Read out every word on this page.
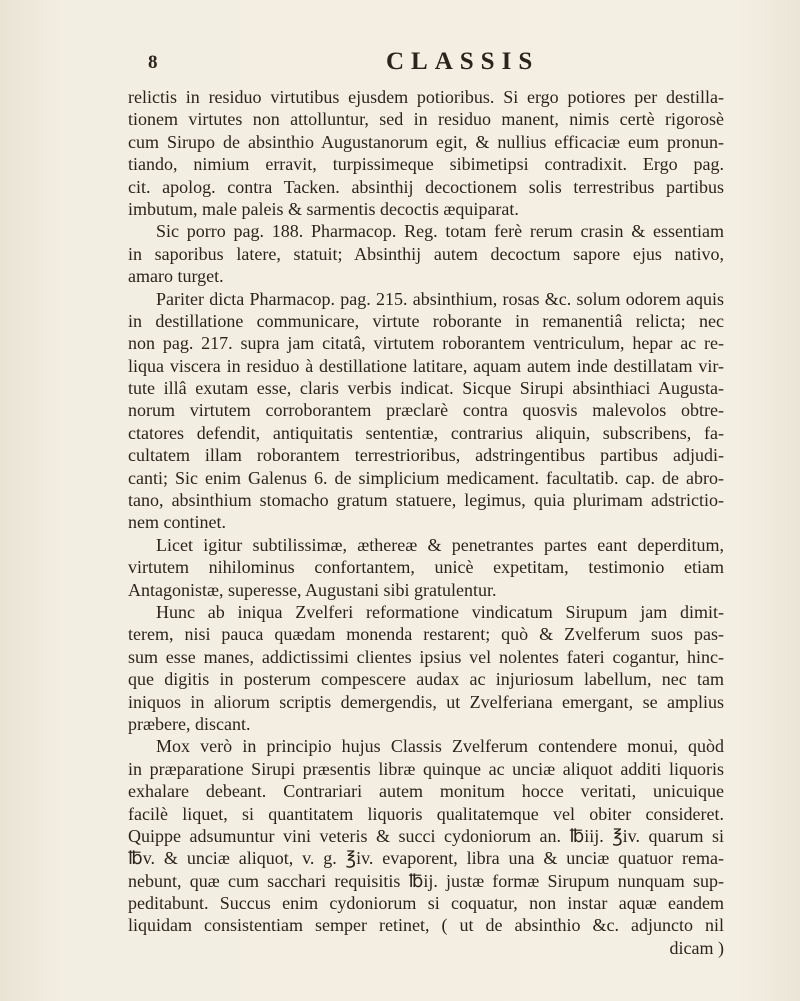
8	CLASSIS
relictis in residuo virtutibus ejusdem potioribus. Si ergo potiores per destilla-
tionem virtutes non attolluntur, sed in residuo manent, nimis certè rigorosè
cum Sirupo de absinthio Augustanorum egit, & nullius efficaciæ eum pronun-
tiando, nimium erravit, turpissimeque sibimetipsi contradixit. Ergo pag.
cit. apolog. contra Tacken. absinthij decoctionem solis terrestribus partibus
imbutum, male paleis & sarmentis decoctis æquiparat.
Sic porro pag. 188. Pharmacop. Reg. totam ferè rerum crasin & essentiam
in saporibus latere, statuit; Absinthij autem decoctum sapore ejus nativo,
amaro turget.
Pariter dicta Pharmacop. pag. 215. absinthium, rosas &c. solum odorem aquis
in destillatione communicare, virtute roborante in remanentiâ relicta; nec
non pag. 217. supra jam citatâ, virtutem roborantem ventriculum, hepar ac re-
liqua viscera in residuo à destillatione latitare, aquam autem inde destillatam vir-
tute illâ exutam esse, claris verbis indicat. Sicque Sirupi absinthiaci Augusta-
norum virtutem corroborantem præclarè contra quosvis malevolos obtre-
ctatores defendit, antiquitatis sententiæ, contrarius aliquin, subscribens, fa-
cultatem illam roborantem terrestrioribus, adstringentibus partibus adjudi-
canti; Sic enim Galenus 6. de simplicium medicament. facultatib. cap. de abro-
tano, absinthium stomacho gratum statuere, legimus, quia plurimam adstrictio-
nem continet.
Licet igitur subtilissimæ, æthereæ & penetrantes partes eant deperditum,
virtutem nihilominus confortantem, unicè expetitam, testimonio etiam
Antagonistæ, superesse, Augustani sibi gratulentur.
Hunc ab iniqua Zvelferi reformatione vindicatum Sirupum jam dimit-
terem, nisi pauca quædam monenda restarent; quò & Zvelferum suos pas-
sum esse manes, addictissimi clientes ipsius vel nolentes fateri cogantur, hinc-
que digitis in posterum compescere audax ac injuriosum labellum, nec tam
iniquos in aliorum scriptis demergendis, ut Zvelferiana emergant, se amplius
præbere, discant.
Mox verò in principio hujus Classis Zvelferum contendere monui, quòd
in præparatione Sirupi præsentis libræ quinque ac unciæ aliquot additi liquoris
exhalare debeant. Contrariari autem monitum hocce veritati, unicuique
facilè liquet, si quantitatem liquoris qualitatemque vel obiter consideret.
Quippe adsumuntur vini veteris & succi cydoniorum an. ℔iij. ℥iv. quarum si
℔v. & unciæ aliquot, v. g. ℥iv. evaporent, libra una & unciæ quatuor rema-
nebunt, quæ cum sacchari requisitis ℔ij. justæ formæ Sirupum nunquam sup-
peditabunt. Succus enim cydoniorum si coquatur, non instar aquæ eandem
liquidam consistentiam semper retinet, ( ut de absinthio &c. adjuncto nil
dicam )
